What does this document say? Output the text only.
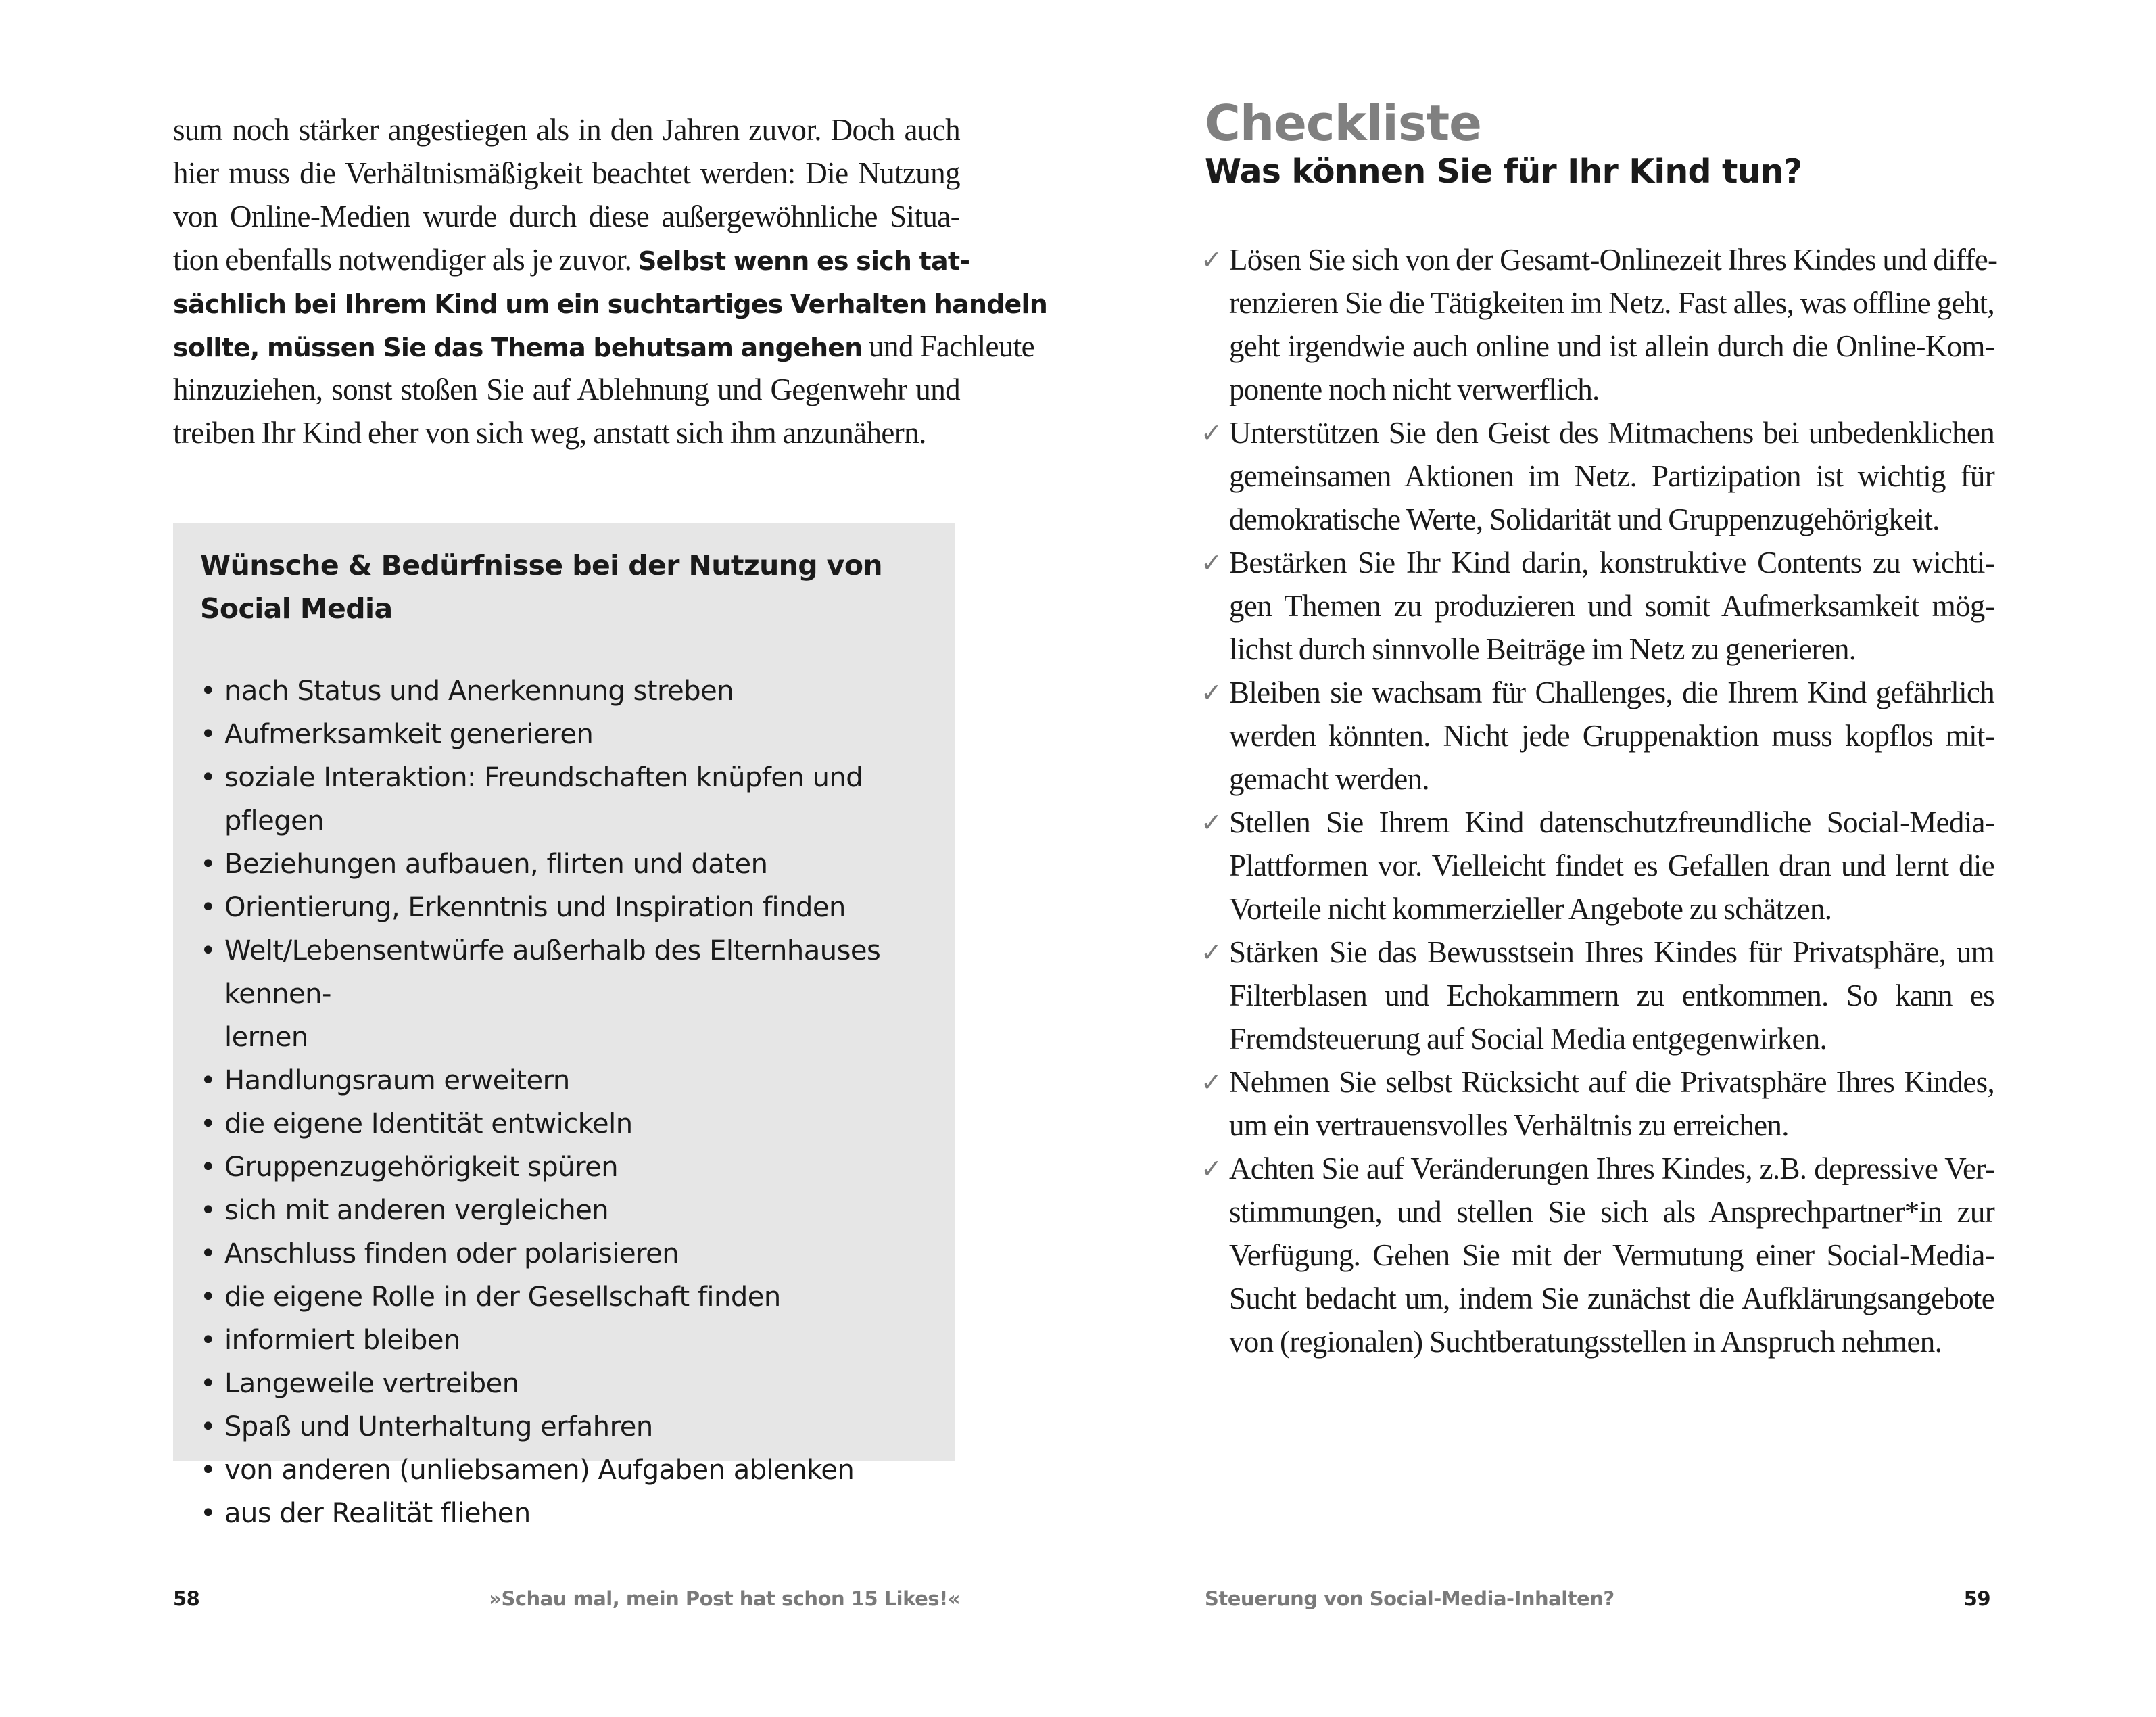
sum noch stärker angestiegen als in den Jahren zuvor. Doch auch
hier muss die Verhältnismäßigkeit beachtet werden: Die Nutzung
von Online-Medien wurde durch diese außergewöhnliche Situa-
tion ebenfalls notwendiger als je zuvor. Selbst wenn es sich tat-
sächlich bei Ihrem Kind um ein suchtartiges Verhalten handeln
sollte, müssen Sie das Thema behutsam angehen und Fachleute
hinzuziehen, sonst stoßen Sie auf Ablehnung und Gegenwehr und
treiben Ihr Kind eher von sich weg, anstatt sich ihm anzunähern.
Wünsche & Bedürfnisse bei der Nutzung von Social Media
• nach Status und Anerkennung streben
• Aufmerksamkeit generieren
• soziale Interaktion: Freundschaften knüpfen und pflegen
• Beziehungen aufbauen, flirten und daten
• Orientierung, Erkenntnis und Inspiration finden
• Welt/Lebensentwürfe außerhalb des Elternhauses kennen-
lernen
• Handlungsraum erweitern
• die eigene Identität entwickeln
• Gruppenzugehörigkeit spüren
• sich mit anderen vergleichen
• Anschluss finden oder polarisieren
• die eigene Rolle in der Gesellschaft finden
• informiert bleiben
• Langeweile vertreiben
• Spaß und Unterhaltung erfahren
• von anderen (unliebsamen) Aufgaben ablenken
• aus der Realität fliehen
58	»Schau mal, mein Post hat schon 15 Likes!«
Checkliste
Was können Sie für Ihr Kind tun?
✓ Lösen Sie sich von der Gesamt-Onlinezeit Ihres Kindes und diffe-
renzieren Sie die Tätigkeiten im Netz. Fast alles, was offline geht,
geht irgendwie auch online und ist allein durch die Online-Kom-
ponente noch nicht verwerflich.
✓ Unterstützen Sie den Geist des Mitmachens bei unbedenklichen
gemeinsamen Aktionen im Netz. Partizipation ist wichtig für
demokratische Werte, Solidarität und Gruppenzugehörigkeit.
✓ Bestärken Sie Ihr Kind darin, konstruktive Contents zu wichti-
gen Themen zu produzieren und somit Aufmerksamkeit mög-
lichst durch sinnvolle Beiträge im Netz zu generieren.
✓ Bleiben sie wachsam für Challenges, die Ihrem Kind gefährlich
werden könnten. Nicht jede Gruppenaktion muss kopflos mit-
gemacht werden.
✓ Stellen Sie Ihrem Kind datenschutzfreundliche Social-Media-
Plattformen vor. Vielleicht findet es Gefallen dran und lernt die
Vorteile nicht kommerzieller Angebote zu schätzen.
✓ Stärken Sie das Bewusstsein Ihres Kindes für Privatsphäre, um
Filterblasen und Echokammern zu entkommen. So kann es
Fremdsteuerung auf Social Media entgegenwirken.
✓ Nehmen Sie selbst Rücksicht auf die Privatsphäre Ihres Kindes,
um ein vertrauensvolles Verhältnis zu erreichen.
✓ Achten Sie auf Veränderungen Ihres Kindes, z.B. depressive Ver-
stimmungen, und stellen Sie sich als Ansprechpartner*in zur
Verfügung. Gehen Sie mit der Vermutung einer Social-Media-
Sucht bedacht um, indem Sie zunächst die Aufklärungsangebote
von (regionalen) Suchtberatungsstellen in Anspruch nehmen.
Steuerung von Social-Media-Inhalten?	59
